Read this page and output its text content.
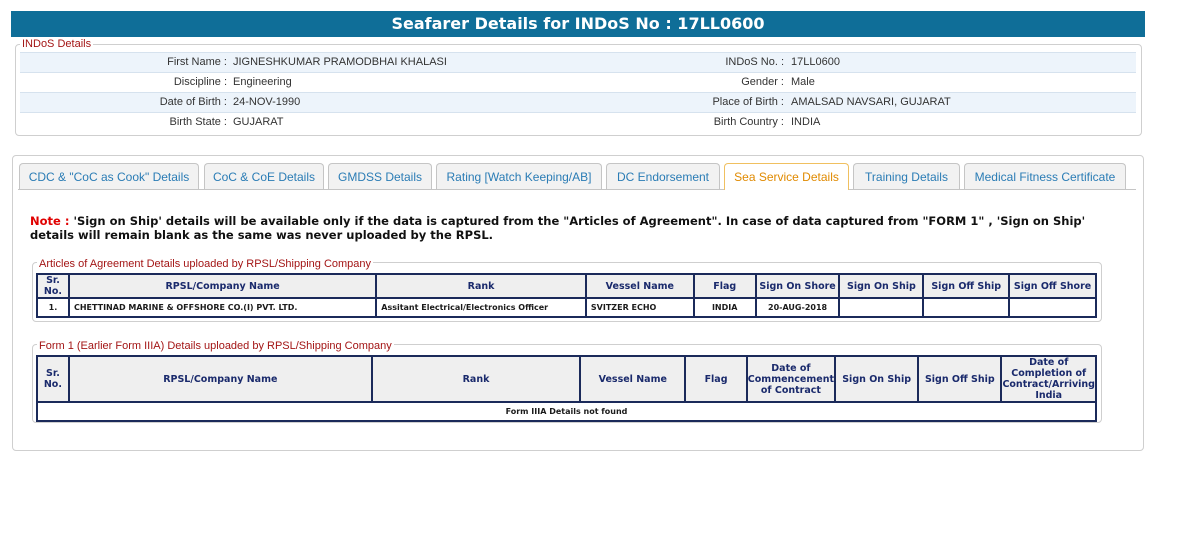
Seafarer Details for INDoS No : 17LL0600
INDoS Details
First Name : JIGNESHKUMAR PRAMODBHAI KHALASI	INDoS No. : 17LL0600
Discipline : Engineering	Gender : Male
Date of Birth : 24-NOV-1990	Place of Birth : AMALSAD NAVSARI, GUJARAT
Birth State : GUJARAT	Birth Country : INDIA
CDC & "CoC as Cook" Details	CoC & CoE Details	GMDSS Details	Rating [Watch Keeping/AB]	DC Endorsement	Sea Service Details	Training Details	Medical Fitness Certificate
Note : 'Sign on Ship' details will be available only if the data is captured from the "Articles of Agreement". In case of data captured from "FORM 1" , 'Sign on Ship' details will remain blank as the same was never uploaded by the RPSL.
Articles of Agreement Details uploaded by RPSL/Shipping Company
Sr. No.	RPSL/Company Name	Rank	Vessel Name	Flag	Sign On Shore	Sign On Ship	Sign Off Ship	Sign Off Shore
1.	CHETTINAD MARINE & OFFSHORE CO.(I) PVT. LTD.	Assitant Electrical/Electronics Officer	SVITZER ECHO	INDIA	20-AUG-2018			
Form 1 (Earlier Form IIIA) Details uploaded by RPSL/Shipping Company
Sr. No.	RPSL/Company Name	Rank	Vessel Name	Flag	Date of Commencement of Contract	Sign On Ship	Sign Off Ship	Date of Completion of Contract/Arriving India
Form IIIA Details not found
